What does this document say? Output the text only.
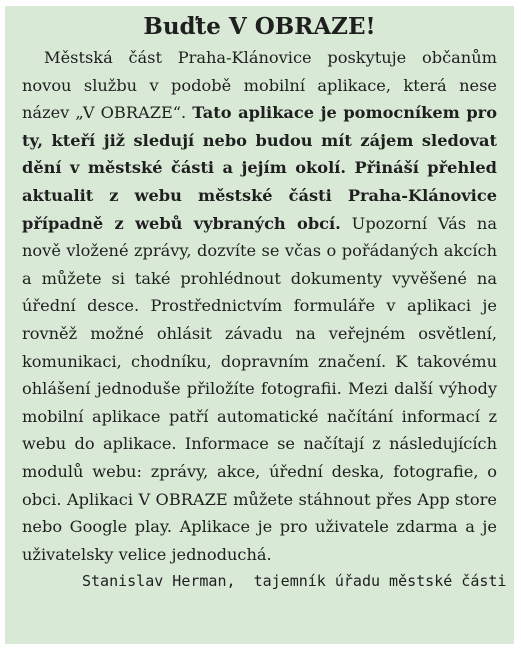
Buďte V OBRAZE!

Městská část Praha-Klánovice poskytuje občanům novou službu v podobě mobilní aplikace, která nese název „V OBRAZE“. Tato aplikace je pomocníkem pro ty, kteří již sledují nebo budou mít zájem sledovat dění v městské části a jejím okolí. Přináší přehled aktualit z webu městské části Praha-Klánovice případně z webů vybraných obcí. Upozorní Vás na nově vložené zprávy, dozvíte se včas o pořádaných akcích a můžete si také prohlédnout dokumenty vyvěšené na úřední desce. Prostřednictvím formuláře v aplikaci je rovněž možné ohlásit závadu na veřejném osvětlení, komunikaci, chodníku, dopravním značení. K takovému ohlášení jednoduše přiložíte fotografii. Mezi další výhody mobilní aplikace patří automatické načítání informací z webu do aplikace. Informace se načítají z následujících modulů webu: zprávy, akce, úřední deska, fotografie, o obci. Aplikaci V OBRAZE můžete stáhnout přes App store nebo Google play. Aplikace je pro uživatele zdarma a je uživatelsky velice jednoduchá.

Stanislav Herman,  tajemník úřadu městské části
